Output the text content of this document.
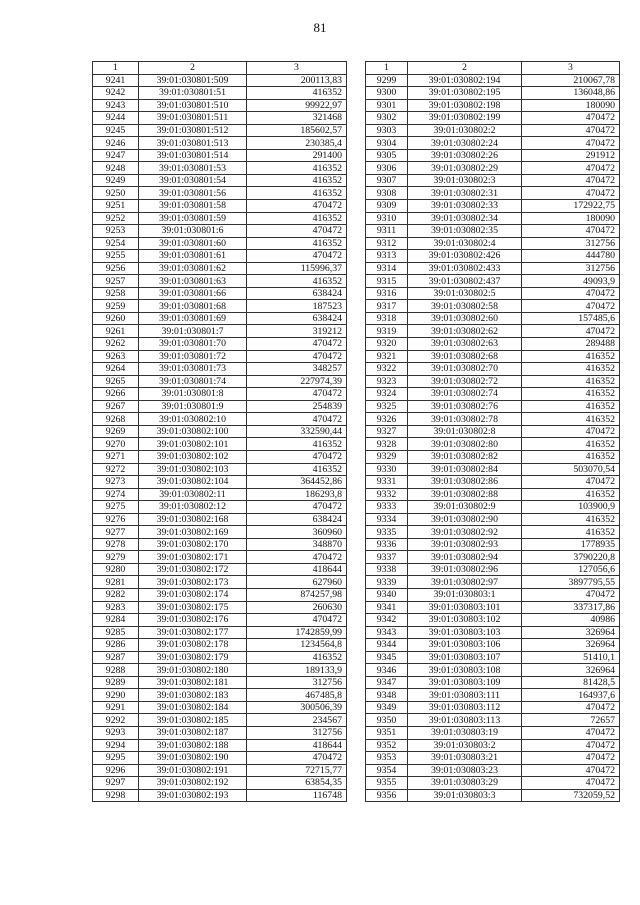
81
1	2	3
9241	39:01:030801:509	200113,83
9242	39:01:030801:51	416352
9243	39:01:030801:510	99922,97
9244	39:01:030801:511	321468
9245	39:01:030801:512	185602,57
9246	39:01:030801:513	230385,4
9247	39:01:030801:514	291400
9248	39:01:030801:53	416352
9249	39:01:030801:54	416352
9250	39:01:030801:56	416352
9251	39:01:030801:58	470472
9252	39:01:030801:59	416352
9253	39:01:030801:6	470472
9254	39:01:030801:60	416352
9255	39:01:030801:61	470472
9256	39:01:030801:62	115996,37
9257	39:01:030801:63	416352
9258	39:01:030801:66	638424
9259	39:01:030801:68	187523
9260	39:01:030801:69	638424
9261	39:01:030801:7	319212
9262	39:01:030801:70	470472
9263	39:01:030801:72	470472
9264	39:01:030801:73	348257
9265	39:01:030801:74	227974,39
9266	39:01:030801:8	470472
9267	39:01:030801:9	254839
9268	39:01:030802:10	470472
9269	39:01:030802:100	332590,44
9270	39:01:030802:101	416352
9271	39:01:030802:102	470472
9272	39:01:030802:103	416352
9273	39:01:030802:104	364452,86
9274	39:01:030802:11	186293,8
9275	39:01:030802:12	470472
9276	39:01:030802:168	638424
9277	39:01:030802:169	360960
9278	39:01:030802:170	348870
9279	39:01:030802:171	470472
9280	39:01:030802:172	418644
9281	39:01:030802:173	627960
9282	39:01:030802:174	874257,98
9283	39:01:030802:175	260630
9284	39:01:030802:176	470472
9285	39:01:030802:177	1742859,99
9286	39:01:030802:178	1234564,8
9287	39:01:030802:179	416352
9288	39:01:030802:180	189133,9
9289	39:01:030802:181	312756
9290	39:01:030802:183	467485,8
9291	39:01:030802:184	300506,39
9292	39:01:030802:185	234567
9293	39:01:030802:187	312756
9294	39:01:030802:188	418644
9295	39:01:030802:190	470472
9296	39:01:030802:191	72715,77
9297	39:01:030802:192	63854,35
9298	39:01:030802:193	116748
1	2	3
9299	39:01:030802:194	210067,78
9300	39:01:030802:195	136048,86
9301	39:01:030802:198	180090
9302	39:01:030802:199	470472
9303	39:01:030802:2	470472
9304	39:01:030802:24	470472
9305	39:01:030802:26	291912
9306	39:01:030802:29	470472
9307	39:01:030802:3	470472
9308	39:01:030802:31	470472
9309	39:01:030802:33	172922,75
9310	39:01:030802:34	180090
9311	39:01:030802:35	470472
9312	39:01:030802:4	312756
9313	39:01:030802:426	444780
9314	39:01:030802:433	312756
9315	39:01:030802:437	49093,9
9316	39:01:030802:5	470472
9317	39:01:030802:58	470472
9318	39:01:030802:60	157485,6
9319	39:01:030802:62	470472
9320	39:01:030802:63	289488
9321	39:01:030802:68	416352
9322	39:01:030802:70	416352
9323	39:01:030802:72	416352
9324	39:01:030802:74	416352
9325	39:01:030802:76	416352
9326	39:01:030802:78	416352
9327	39:01:030802:8	470472
9328	39:01:030802:80	416352
9329	39:01:030802:82	416352
9330	39:01:030802:84	503070,54
9331	39:01:030802:86	470472
9332	39:01:030802:88	416352
9333	39:01:030802:9	103900,9
9334	39:01:030802:90	416352
9335	39:01:030802:92	416352
9336	39:01:030802:93	1778935
9337	39:01:030802:94	3790220,8
9338	39:01:030802:96	127056,6
9339	39:01:030802:97	3897795,55
9340	39:01:030803:1	470472
9341	39:01:030803:101	337317,86
9342	39:01:030803:102	40986
9343	39:01:030803:103	326964
9344	39:01:030803:106	326964
9345	39:01:030803:107	51410,1
9346	39:01:030803:108	326964
9347	39:01:030803:109	81428,5
9348	39:01:030803:111	164937,6
9349	39:01:030803:112	470472
9350	39:01:030803:113	72657
9351	39:01:030803:19	470472
9352	39:01:030803:2	470472
9353	39:01:030803:21	470472
9354	39:01:030803:23	470472
9355	39:01:030803:29	470472
9356	39:01:030803:3	732059,52
